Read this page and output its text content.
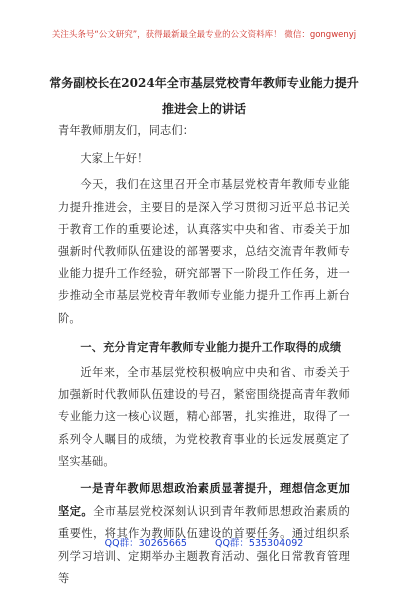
关注头条号“公文研究”，获得最新最全最专业的公文资料库！ 微信：gongwenyj
常务副校长在2024年全市基层党校青年教师专业能力提升推进会上的讲话

青年教师朋友们，同志们：

大家上午好！

今天，我们在这里召开全市基层党校青年教师专业能力提升推进会，主要目的是深入学习贯彻习近平总书记关于教育工作的重要论述，认真落实中央和省、市委关于加强新时代教师队伍建设的部署要求，总结交流青年教师专业能力提升工作经验，研究部署下一阶段工作任务，进一步推动全市基层党校青年教师专业能力提升工作再上新台阶。

一、充分肯定青年教师专业能力提升工作取得的成绩

近年来，全市基层党校积极响应中央和省、市委关于加强新时代教师队伍建设的号召，紧密围绕提高青年教师专业能力这一核心议题，精心部署，扎实推进，取得了一系列令人瞩目的成绩，为党校教育事业的长远发展奠定了坚实基础。

一是青年教师思想政治素质显著提升，理想信念更加坚定。全市基层党校深刻认识到青年教师思想政治素质的重要性，将其作为教师队伍建设的首要任务。通过组织系列学习培训、定期举办主题教育活动、强化日常教育管理等

QQ群：30265665	QQ群：535304092
